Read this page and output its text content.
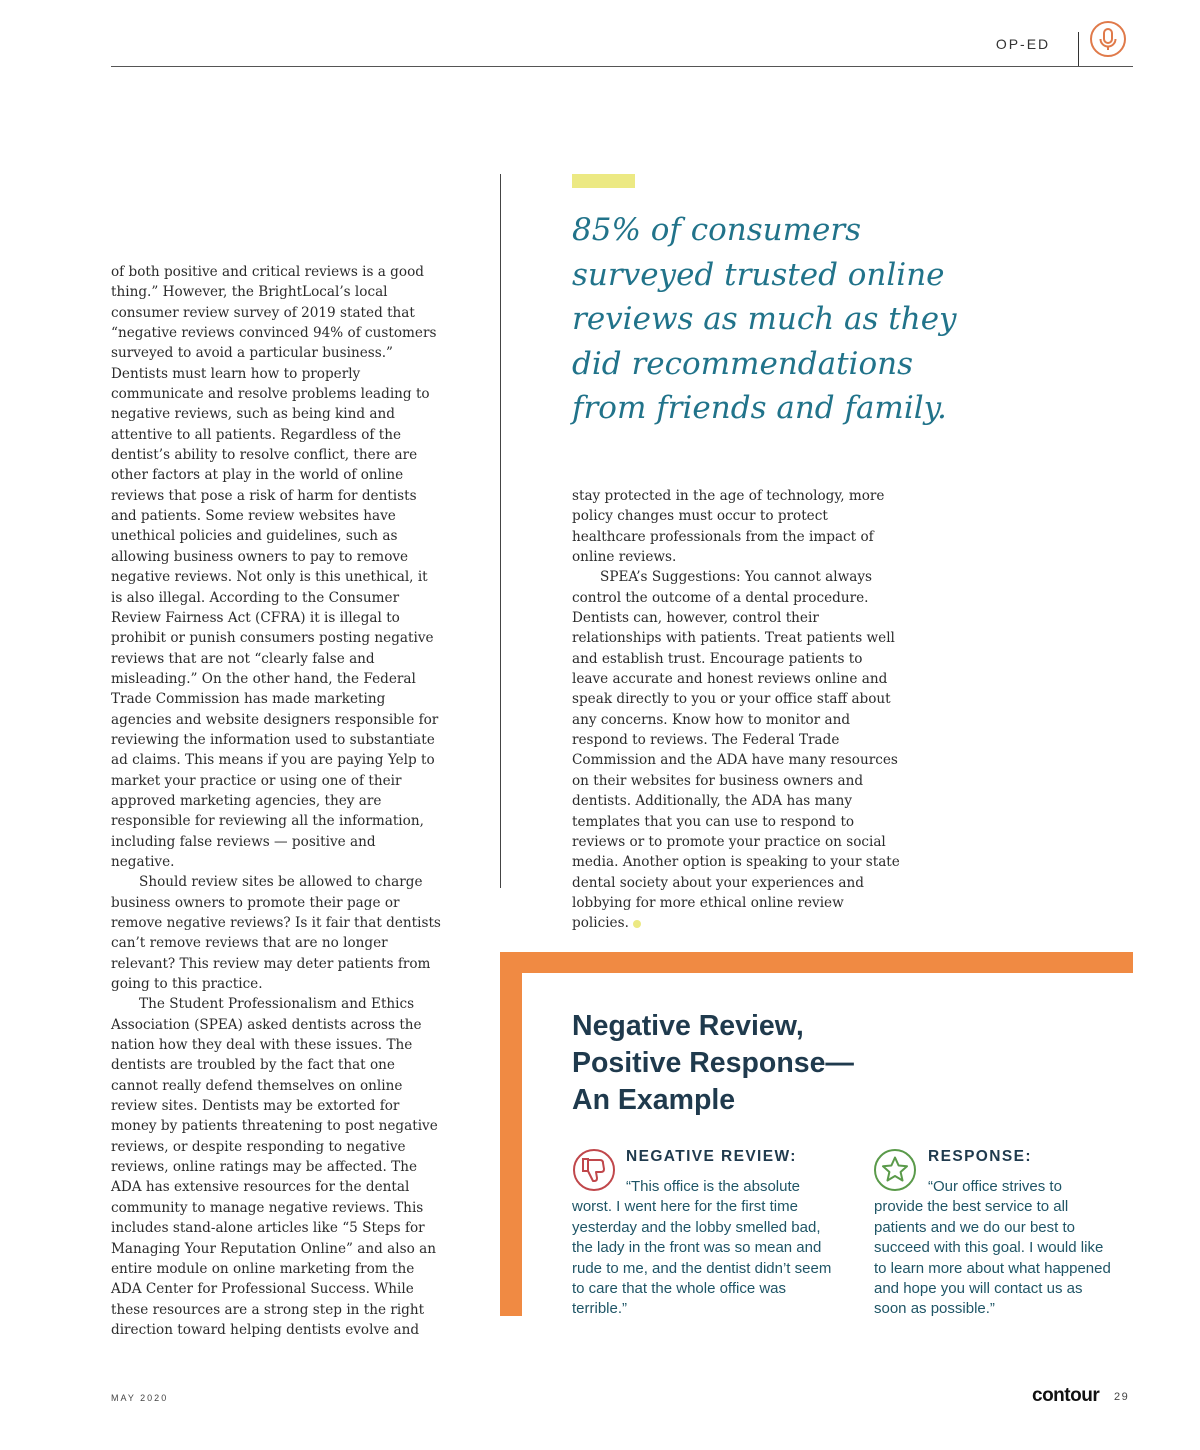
OP-ED

of both positive and critical reviews is a good thing.” However, the BrightLocal’s local consumer review survey of 2019 stated that “negative reviews convinced 94% of customers surveyed to avoid a particular business.” Dentists must learn how to properly communicate and resolve problems leading to negative reviews, such as being kind and attentive to all patients. Regardless of the dentist’s ability to resolve conflict, there are other factors at play in the world of online reviews that pose a risk of harm for dentists and patients. Some review websites have unethical policies and guidelines, such as allowing business owners to pay to remove negative reviews. Not only is this unethical, it is also illegal. According to the Consumer Review Fairness Act (CFRA) it is illegal to prohibit or punish consumers posting negative reviews that are not “clearly false and misleading.” On the other hand, the Federal Trade Commission has made marketing agencies and website designers responsible for reviewing the information used to substantiate ad claims. This means if you are paying Yelp to market your practice or using one of their approved marketing agencies, they are responsible for reviewing all the information, including false reviews — positive and negative.

Should review sites be allowed to charge business owners to promote their page or remove negative reviews? Is it fair that dentists can’t remove reviews that are no longer relevant? This review may deter patients from going to this practice.

The Student Professionalism and Ethics Association (SPEA) asked dentists across the nation how they deal with these issues. The dentists are troubled by the fact that one cannot really defend themselves on online review sites. Dentists may be extorted for money by patients threatening to post negative reviews, or despite responding to negative reviews, online ratings may be affected. The ADA has extensive resources for the dental community to manage negative reviews. This includes stand-alone articles like “5 Steps for Managing Your Reputation Online” and also an entire module on online marketing from the ADA Center for Professional Success. While these resources are a strong step in the right direction toward helping dentists evolve and

85% of consumers surveyed trusted online reviews as much as they did recommendations from friends and family.

stay protected in the age of technology, more policy changes must occur to protect healthcare professionals from the impact of online reviews.

SPEA’s Suggestions: You cannot always control the outcome of a dental procedure. Dentists can, however, control their relationships with patients. Treat patients well and establish trust. Encourage patients to leave accurate and honest reviews online and speak directly to you or your office staff about any concerns. Know how to monitor and respond to reviews. The Federal Trade Commission and the ADA have many resources on their websites for business owners and dentists. Additionally, the ADA has many templates that you can use to respond to reviews or to promote your practice on social media. Another option is speaking to your state dental society about your experiences and lobbying for more ethical online review policies.

Negative Review, Positive Response— An Example
NEGATIVE REVIEW:

“This office is the absolute worst. I went here for the first time yesterday and the lobby smelled bad, the lady in the front was so mean and rude to me, and the dentist didn’t seem to care that the whole office was terrible.”

RESPONSE:

“Our office strives to provide the best service to all patients and we do our best to succeed with this goal. I would like to learn more about what happened and hope you will contact us as soon as possible.”

MAY 2020	contour 29
